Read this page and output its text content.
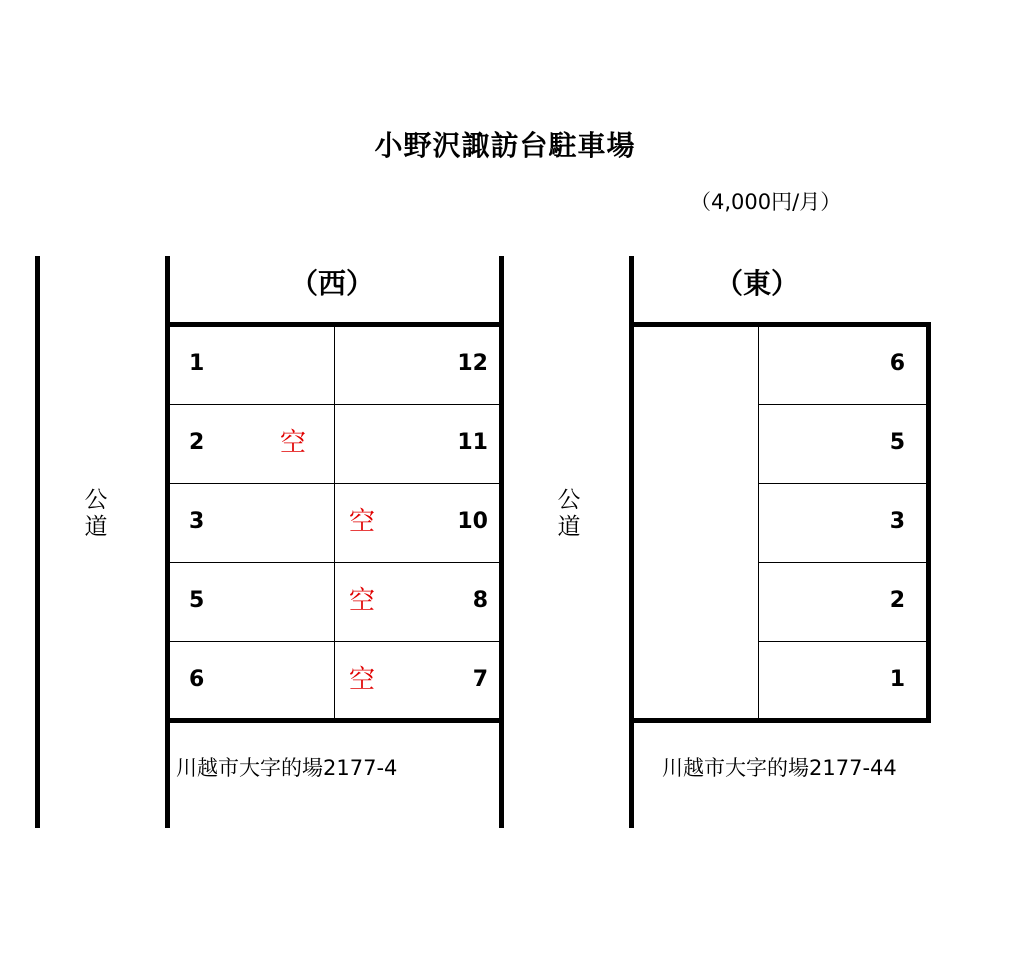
小野沢諏訪台駐車場
（4,000円/月）
公
道
（西）
1
2
3
5
6
12
11
10
8
7
空
空
空
空
川越市大字的場2177-4
公
道
（東）
6
5
3
2
1
川越市大字的場2177-44
